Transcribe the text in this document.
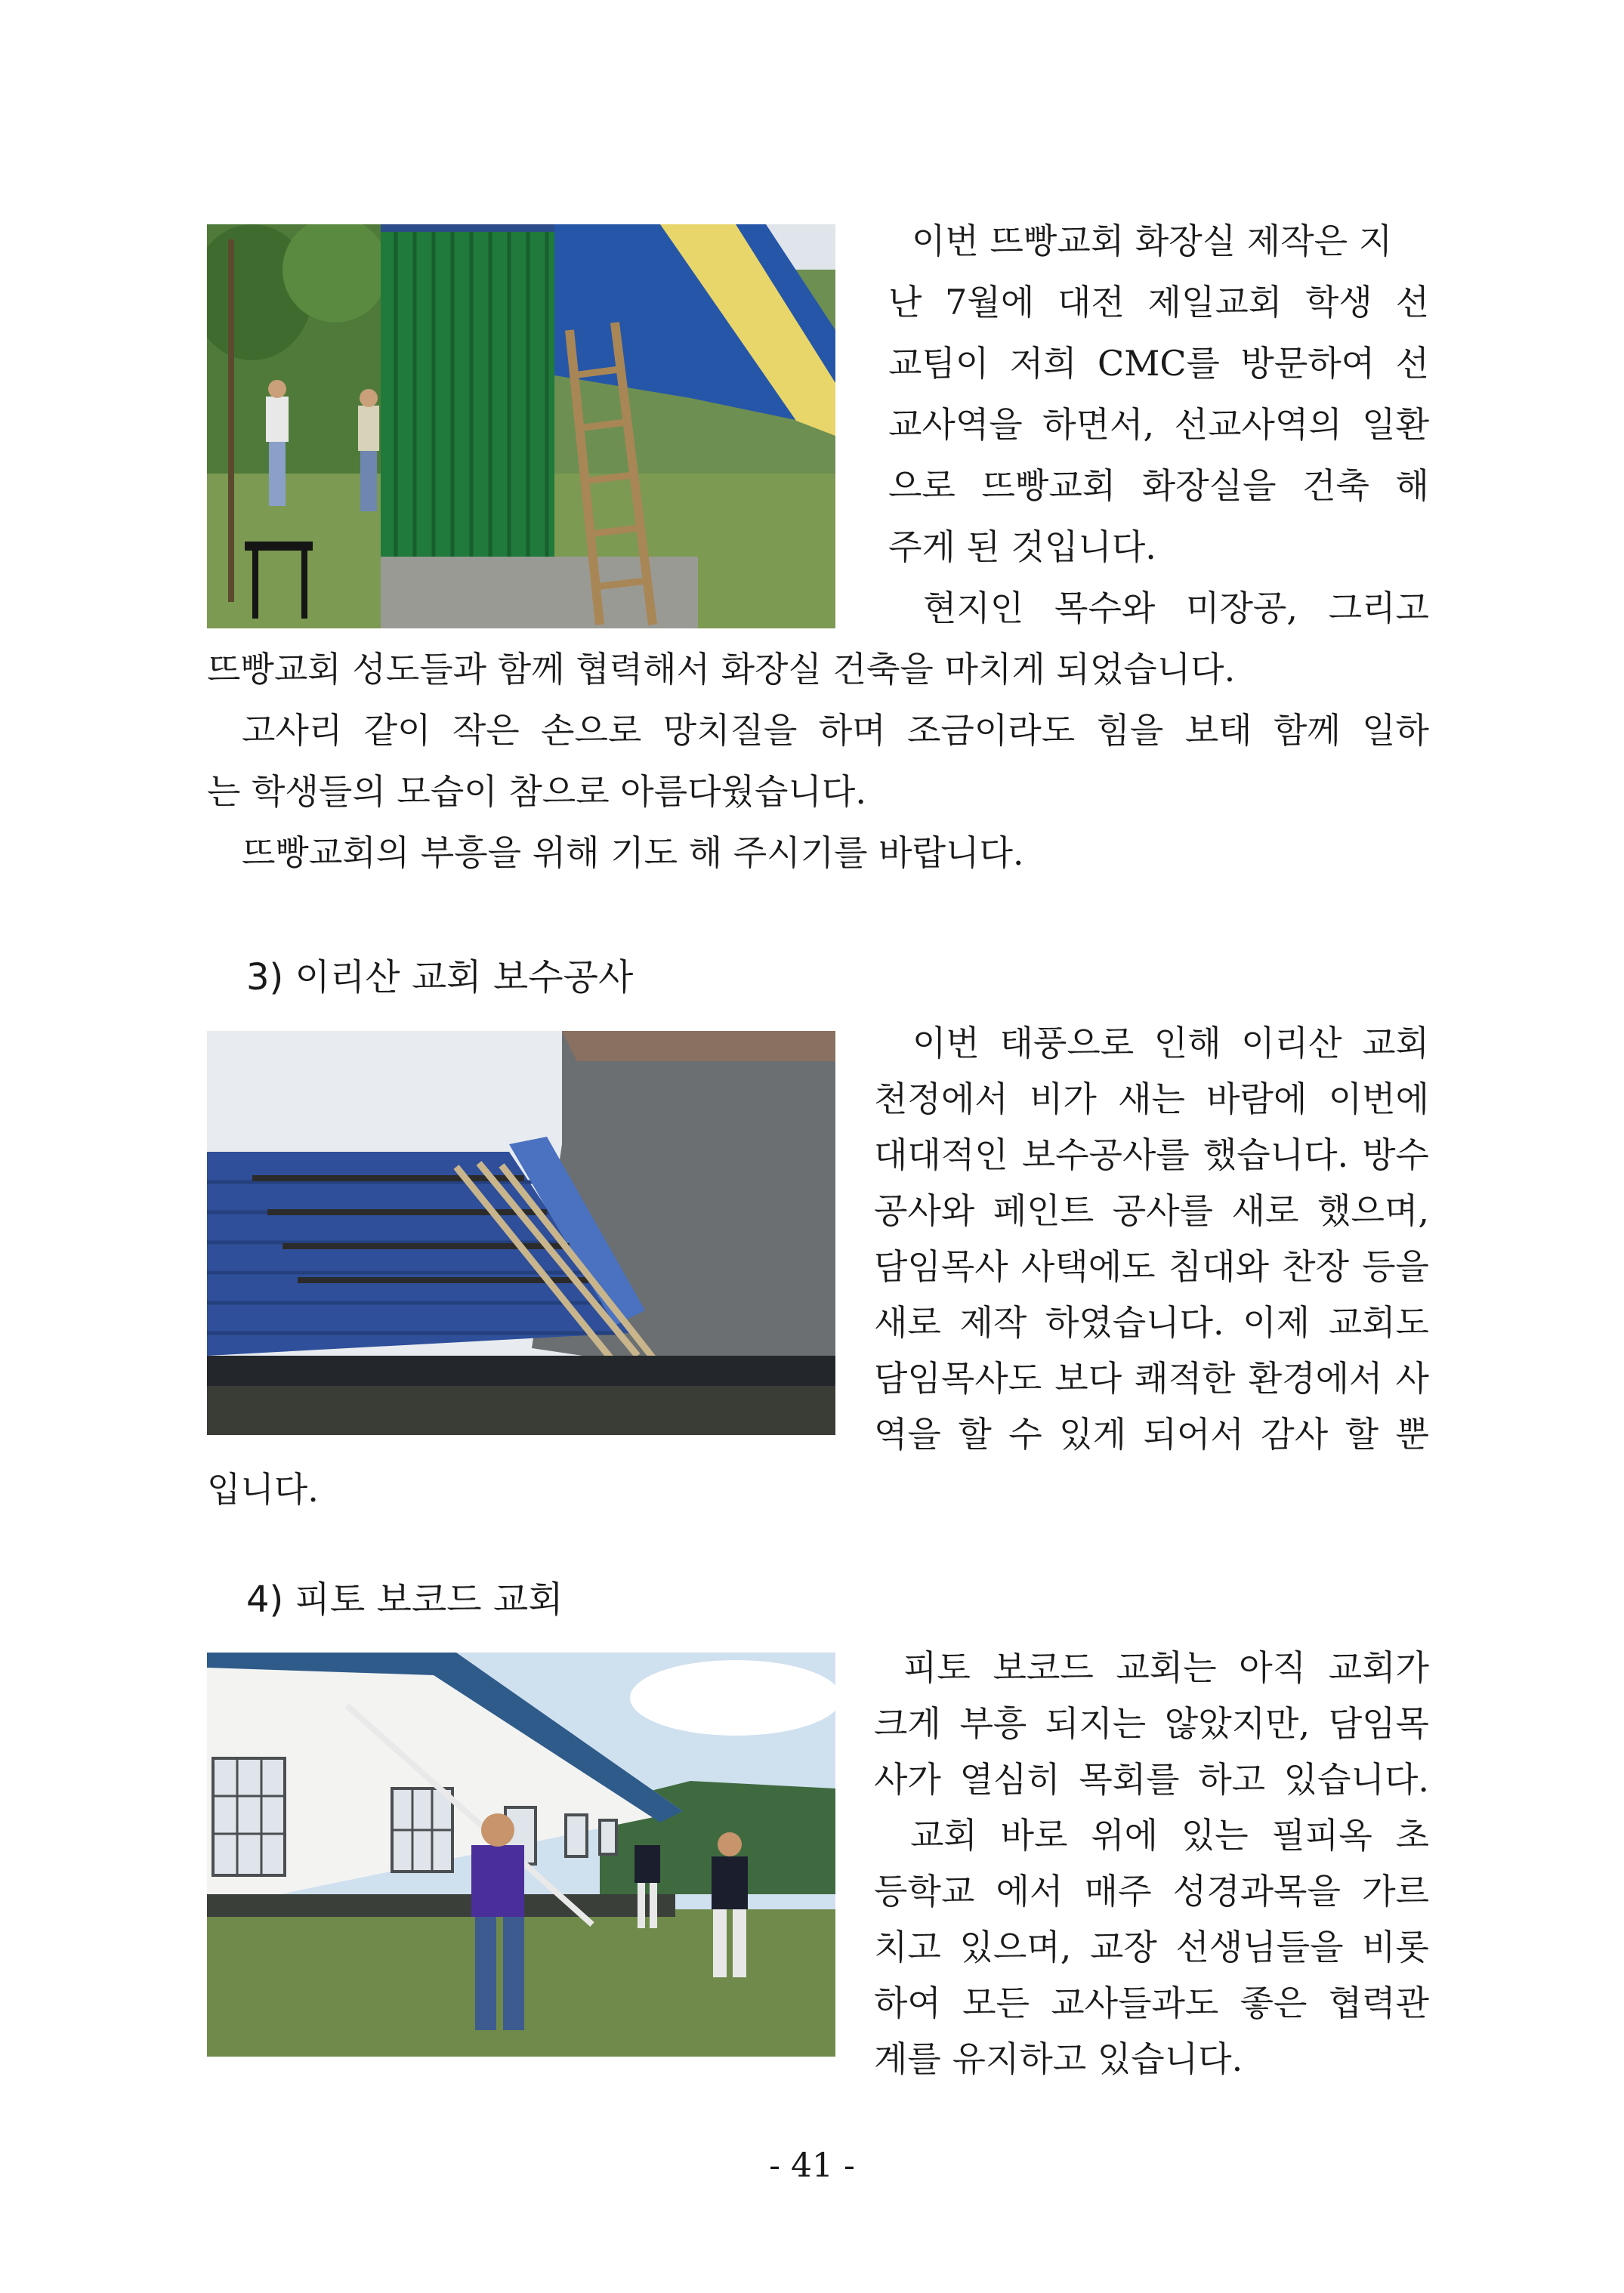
이번 뜨빵교회 화장실 제작은 지
난 7월에 대전 제일교회 학생 선
교팀이 저희 CMC를 방문하여 선
교사역을 하면서, 선교사역의 일환
으로 뜨빵교회 화장실을 건축 해
주게 된 것입니다.
현지인 목수와 미장공, 그리고
뜨빵교회 성도들과 함께 협력해서 화장실 건축을 마치게 되었습니다.
고사리 같이 작은 손으로 망치질을 하며 조금이라도 힘을 보태 함께 일하
는 학생들의 모습이 참으로 아름다웠습니다.
뜨빵교회의 부흥을 위해 기도 해 주시기를 바랍니다.
3) 이리산 교회 보수공사
이번 태풍으로 인해 이리산 교회
천정에서 비가 새는 바람에 이번에
대대적인 보수공사를 했습니다. 방수
공사와 페인트 공사를 새로 했으며,
담임목사 사택에도 침대와 찬장 등을
새로 제작 하였습니다. 이제 교회도
담임목사도 보다 쾌적한 환경에서 사
역을 할 수 있게 되어서 감사 할 뿐
입니다.
4) 피토 보코드 교회
피토 보코드 교회는 아직 교회가
크게 부흥 되지는 않았지만, 담임목
사가 열심히 목회를 하고 있습니다.
교회 바로 위에 있는 필피옥 초
등학교 에서 매주 성경과목을 가르
치고 있으며, 교장 선생님들을 비롯
하여 모든 교사들과도 좋은 협력관
계를 유지하고 있습니다.
- 41 -
